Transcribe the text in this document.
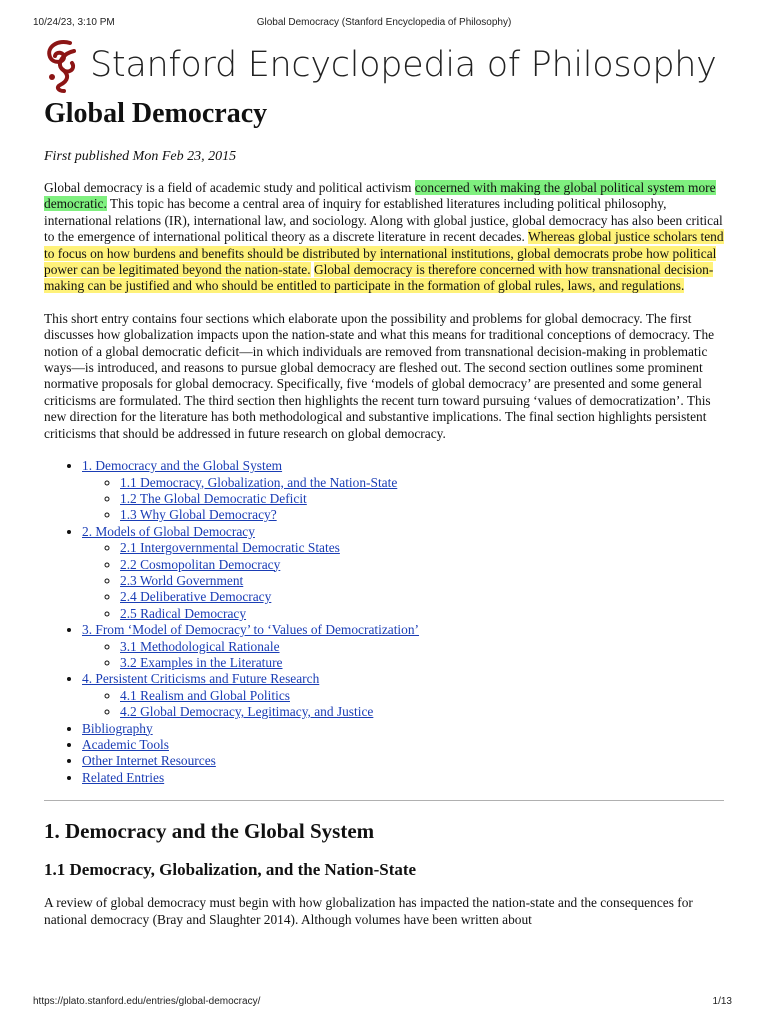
10/24/23, 3:10 PM	Global Democracy (Stanford Encyclopedia of Philosophy)
Stanford Encyclopedia of Philosophy
Global Democracy
First published Mon Feb 23, 2015

Global democracy is a field of academic study and political activism concerned with making the global political system more democratic. This topic has become a central area of inquiry for established literatures including political philosophy, international relations (IR), international law, and sociology. Along with global justice, global democracy has also been critical to the emergence of international political theory as a discrete literature in recent decades. Whereas global justice scholars tend to focus on how burdens and benefits should be distributed by international institutions, global democrats probe how political power can be legitimated beyond the nation-state. Global democracy is therefore concerned with how transnational decision-making can be justified and who should be entitled to participate in the formation of global rules, laws, and regulations.

This short entry contains four sections which elaborate upon the possibility and problems for global democracy. The first discusses how globalization impacts upon the nation-state and what this means for traditional conceptions of democracy. The notion of a global democratic deficit—in which individuals are removed from transnational decision-making in problematic ways—is introduced, and reasons to pursue global democracy are fleshed out. The second section outlines some prominent normative proposals for global democracy. Specifically, five ‘models of global democracy’ are presented and some general criticisms are formulated. The third section then highlights the recent turn toward pursuing ‘values of democratization’. This new direction for the literature has both methodological and substantive implications. The final section highlights persistent criticisms that should be addressed in future research on global democracy.

• 1. Democracy and the Global System
◦ 1.1 Democracy, Globalization, and the Nation-State
◦ 1.2 The Global Democratic Deficit
◦ 1.3 Why Global Democracy?
• 2. Models of Global Democracy
◦ 2.1 Intergovernmental Democratic States
◦ 2.2 Cosmopolitan Democracy
◦ 2.3 World Government
◦ 2.4 Deliberative Democracy
◦ 2.5 Radical Democracy
• 3. From ‘Model of Democracy’ to ‘Values of Democratization’
◦ 3.1 Methodological Rationale
◦ 3.2 Examples in the Literature
• 4. Persistent Criticisms and Future Research
◦ 4.1 Realism and Global Politics
◦ 4.2 Global Democracy, Legitimacy, and Justice
• Bibliography
• Academic Tools
• Other Internet Resources
• Related Entries
1. Democracy and the Global System
1.1 Democracy, Globalization, and the Nation-State

A review of global democracy must begin with how globalization has impacted the nation-state and the consequences for national democracy (Bray and Slaughter 2014). Although volumes have been written about

https://plato.stanford.edu/entries/global-democracy/	1/13
